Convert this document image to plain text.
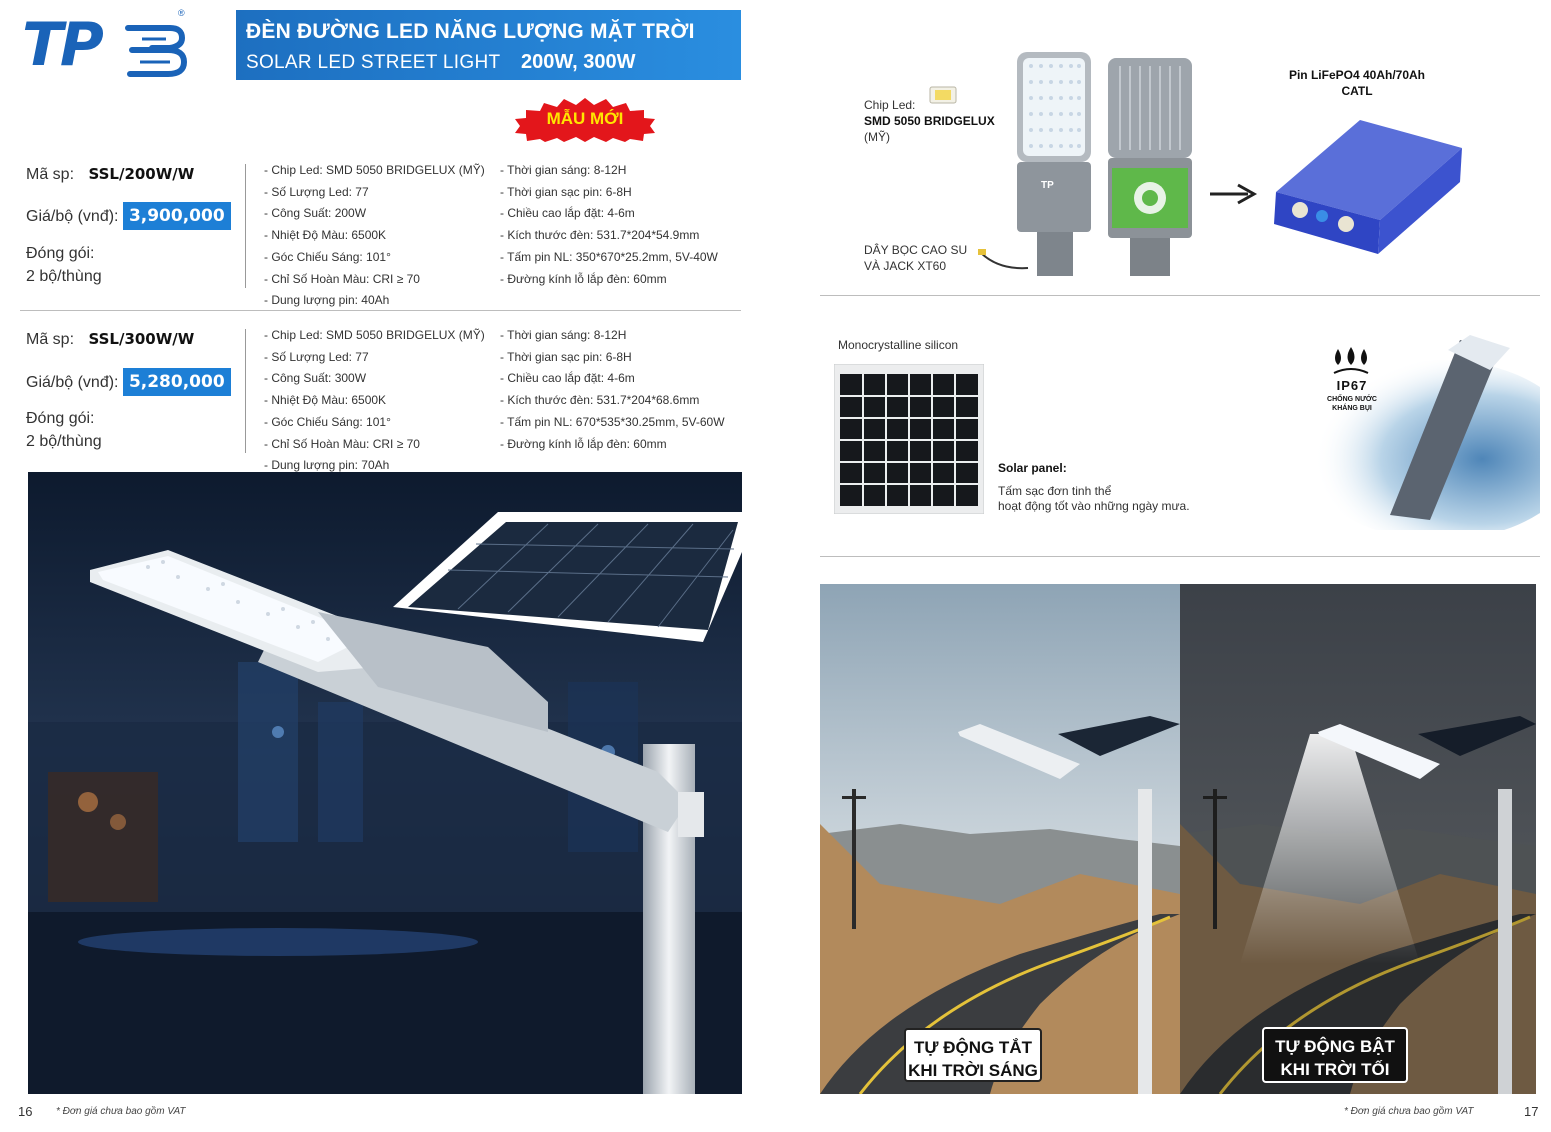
TP	®
ĐÈN ĐƯỜNG LED NĂNG LƯỢNG MẶT TRỜI
SOLAR LED STREET LIGHT 200W, 300W
MẪU MỚI
Mã sp: SSL/200W/W
Giá/bộ (vnđ): 3,900,000
Đóng gói:
2 bộ/thùng
- Chip Led: SMD 5050 BRIDGELUX (MỸ)
- Số Lượng Led: 77
- Công Suất: 200W
- Nhiệt Độ Màu: 6500K
- Góc Chiếu Sáng: 101°
- Chỉ Số Hoàn Màu: CRI ≥ 70
- Dung lượng pin: 40Ah
- Thời gian sáng: 8-12H
- Thời gian sạc pin: 6-8H
- Chiều cao lắp đặt: 4-6m
- Kích thước đèn: 531.7*204*54.9mm
- Tấm pin NL: 350*670*25.2mm, 5V-40W
- Đường kính lỗ lắp đèn: 60mm
Mã sp: SSL/300W/W
Giá/bộ (vnđ): 5,280,000
Đóng gói:
2 bộ/thùng
- Chip Led: SMD 5050 BRIDGELUX (MỸ)
- Số Lượng Led: 77
- Công Suất: 300W
- Nhiệt Độ Màu: 6500K
- Góc Chiếu Sáng: 101°
- Chỉ Số Hoàn Màu: CRI ≥ 70
- Dung lượng pin: 70Ah
- Thời gian sáng: 8-12H
- Thời gian sạc pin: 6-8H
- Chiều cao lắp đặt: 4-6m
- Kích thước đèn: 531.7*204*68.6mm
- Tấm pin NL: 670*535*30.25mm, 5V-60W
- Đường kính lỗ lắp đèn: 60mm
16 * Đơn giá chưa bao gồm VAT
Chip Led:
SMD 5050 BRIDGELUX
(MỸ)
TP
DÂY BỌC CAO SU
VÀ JACK XT60
Pin LiFePO4 40Ah/70Ah
CATL
Monocrystalline silicon
Solar panel:
Tấm sạc đơn tinh thể
hoạt động tốt vào những ngày mưa.
IP67
CHỐNG NƯỚC
KHÁNG BỤI
TỰ ĐỘNG TẮT
KHI TRỜI SÁNG
TỰ ĐỘNG BẬT
KHI TRỜI TỐI
* Đơn giá chưa bao gồm VAT	17
